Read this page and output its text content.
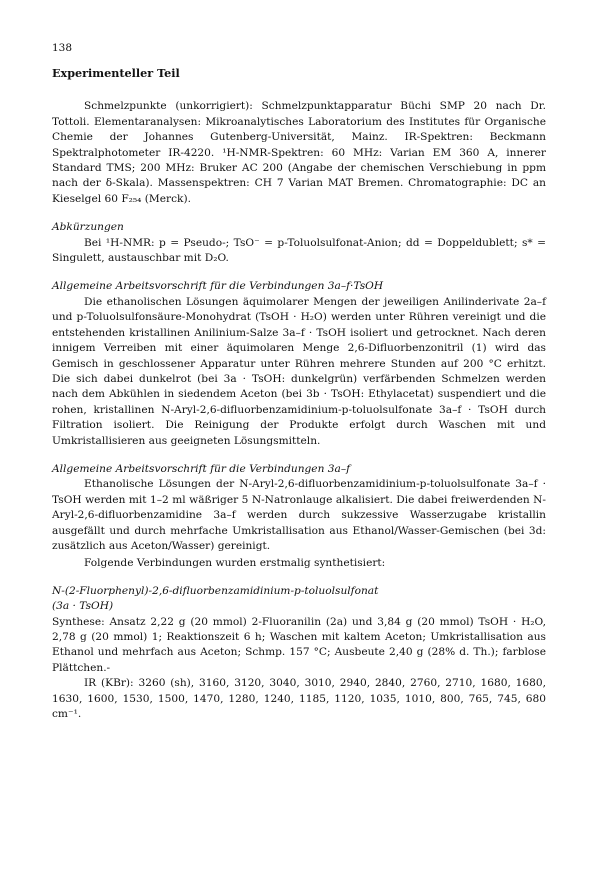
138

Experimenteller Teil

Schmelzpunkte (unkorrigiert): Schmelzpunktapparatur Büchi SMP 20 nach Dr. Tottoli. Elementaranalysen: Mikroanalytisches Laboratorium des Institutes für Organische Chemie der Johannes Gutenberg-Universität, Mainz. IR-Spektren: Beckmann Spektralphotometer IR-4220. ¹H-NMR-Spektren: 60 MHz: Varian EM 360 A, innerer Standard TMS; 200 MHz: Bruker AC 200 (Angabe der chemischen Verschiebung in ppm nach der δ-Skala). Massenspektren: CH 7 Varian MAT Bremen. Chromatographie: DC an Kieselgel 60 F₂₅₄ (Merck).

Abkürzungen

Bei ¹H-NMR: p = Pseudo-; TsO⁻ = p-Toluolsulfonat-Anion; dd = Doppeldublett; s* = Singulett, austauschbar mit D₂O.

Allgemeine Arbeitsvorschrift für die Verbindungen 3a–f·TsOH

Die ethanolischen Lösungen äquimolarer Mengen der jeweiligen Anilinderivate 2a–f und p-Toluolsulfonsäure-Monohydrat (TsOH · H₂O) werden unter Rühren vereinigt und die entstehenden kristallinen Anilinium-Salze 3a–f · TsOH isoliert und getrocknet. Nach deren innigem Verreiben mit einer äquimolaren Menge 2,6-Difluorbenzonitril (1) wird das Gemisch in geschlossener Apparatur unter Rühren mehrere Stunden auf 200 °C erhitzt. Die sich dabei dunkelrot (bei 3a · TsOH: dunkelgrün) verfärbenden Schmelzen werden nach dem Abkühlen in siedendem Aceton (bei 3b · TsOH: Ethylacetat) suspendiert und die rohen, kristallinen N-Aryl-2,6-difluorbenzamidinium-p-toluolsulfonate 3a–f · TsOH durch Filtration isoliert. Die Reinigung der Produkte erfolgt durch Waschen mit und Umkristallisieren aus geeigneten Lösungsmitteln.

Allgemeine Arbeitsvorschrift für die Verbindungen 3a–f

Ethanolische Lösungen der N-Aryl-2,6-difluorbenzamidinium-p-toluolsulfonate 3a–f · TsOH werden mit 1–2 ml wäßriger 5 N-Natronlauge alkalisiert. Die dabei freiwerdenden N-Aryl-2,6-difluorbenzamidine 3a–f werden durch sukzessive Wasserzugabe kristallin ausgefällt und durch mehrfache Umkristallisation aus Ethanol/Wasser-Gemischen (bei 3d: zusätzlich aus Aceton/Wasser) gereinigt.

Folgende Verbindungen wurden erstmalig synthetisiert:

N-(2-Fluorphenyl)-2,6-difluorbenzamidinium-p-toluolsulfonat

(3a · TsOH)

Synthese: Ansatz 2,22 g (20 mmol) 2-Fluoranilin (2a) und 3,84 g (20 mmol) TsOH · H₂O, 2,78 g (20 mmol) 1; Reaktionszeit 6 h; Waschen mit kaltem Aceton; Umkristallisation aus Ethanol und mehrfach aus Aceton; Schmp. 157 °C; Ausbeute 2,40 g (28% d. Th.); farblose Plättchen.-

IR (KBr): 3260 (sh), 3160, 3120, 3040, 3010, 2940, 2840, 2760, 2710, 1680, 1680, 1630, 1600, 1530, 1500, 1470, 1280, 1240, 1185, 1120, 1035, 1010, 800, 765, 745, 680 cm⁻¹.
